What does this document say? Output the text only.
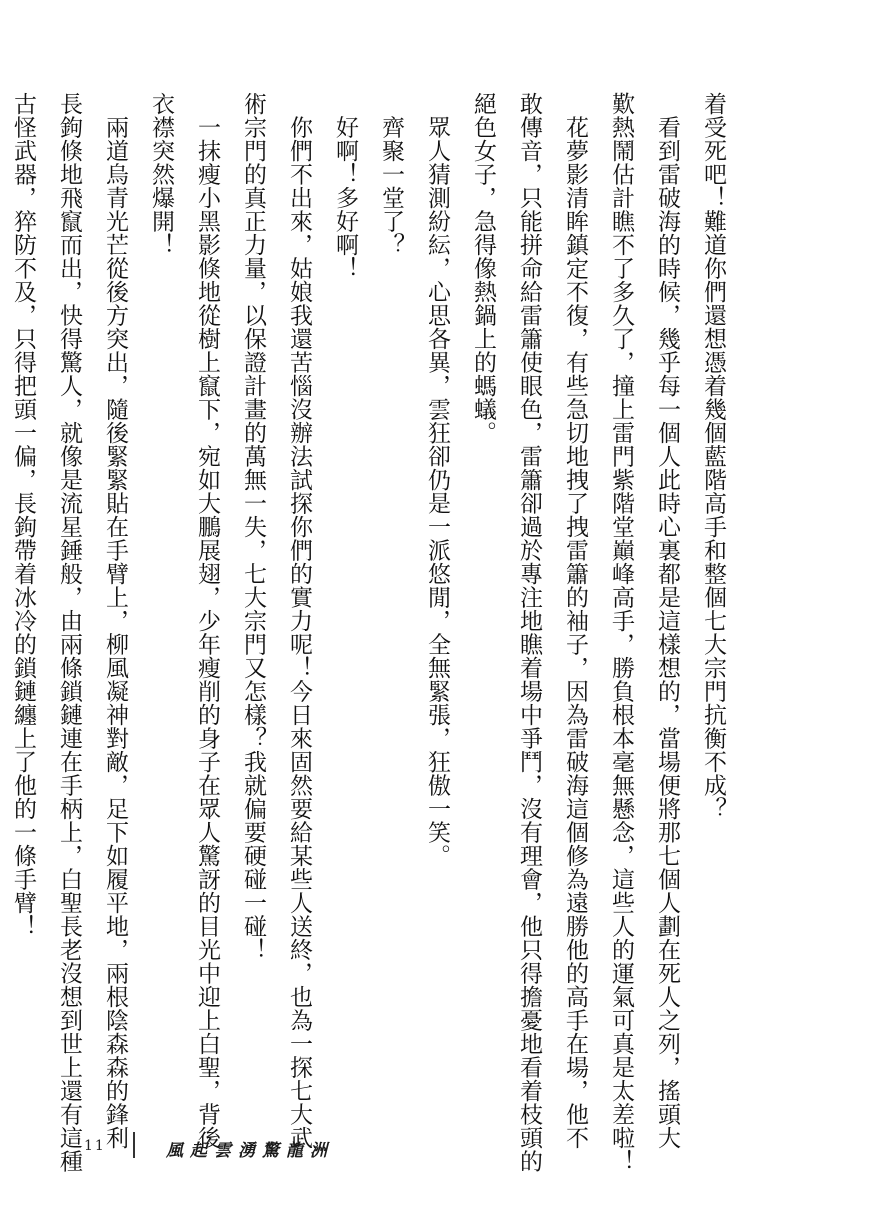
着受死吧！難道你們還想憑着幾個藍階高手和整個七大宗門抗衡不成？
　看到雷破海的時候，幾乎每一個人此時心裏都是這樣想的，當場便將那七個人劃在死人之列，搖頭大
歎熱鬧估計瞧不了多久了，撞上雷門紫階堂巔峰高手，勝負根本毫無懸念，這些人的運氣可真是太差啦！
　花夢影清眸鎮定不復，有些急切地拽了拽雷簫的袖子，因為雷破海這個修為遠勝他的高手在場，他不
敢傳音，只能拼命給雷簫使眼色，雷簫卻過於專注地瞧着場中爭鬥，沒有理會，他只得擔憂地看着枝頭的
絕色女子，急得像熱鍋上的螞蟻。
　眾人猜測紛紜，心思各異，雲狂卻仍是一派悠閒，全無緊張，狂傲一笑。
　齊聚一堂了？
　好啊！多好啊！
　你們不出來，姑娘我還苦惱沒辦法試探你們的實力呢！今日來固然要給某些人送終，也為一探七大武
術宗門的真正力量，以保證計畫的萬無一失，七大宗門又怎樣？我就偏要硬碰一碰！
　一抹瘦小黑影倏地從樹上竄下，宛如大鵬展翅，少年瘦削的身子在眾人驚訝的目光中迎上白聖，背後
衣襟突然爆開！
　兩道烏青光芒從後方突出，隨後緊緊貼在手臂上，柳風凝神對敵，足下如履平地，兩根陰森森的鋒利
長鉤倏地飛竄而出，快得驚人，就像是流星錘般，由兩條鎖鏈連在手柄上，白聖長老沒想到世上還有這種
古怪武器，猝防不及，只得把頭一偏，長鉤帶着冰冷的鎖鏈纏上了他的一條手臂！
11	風起雲湧驚龍洲
